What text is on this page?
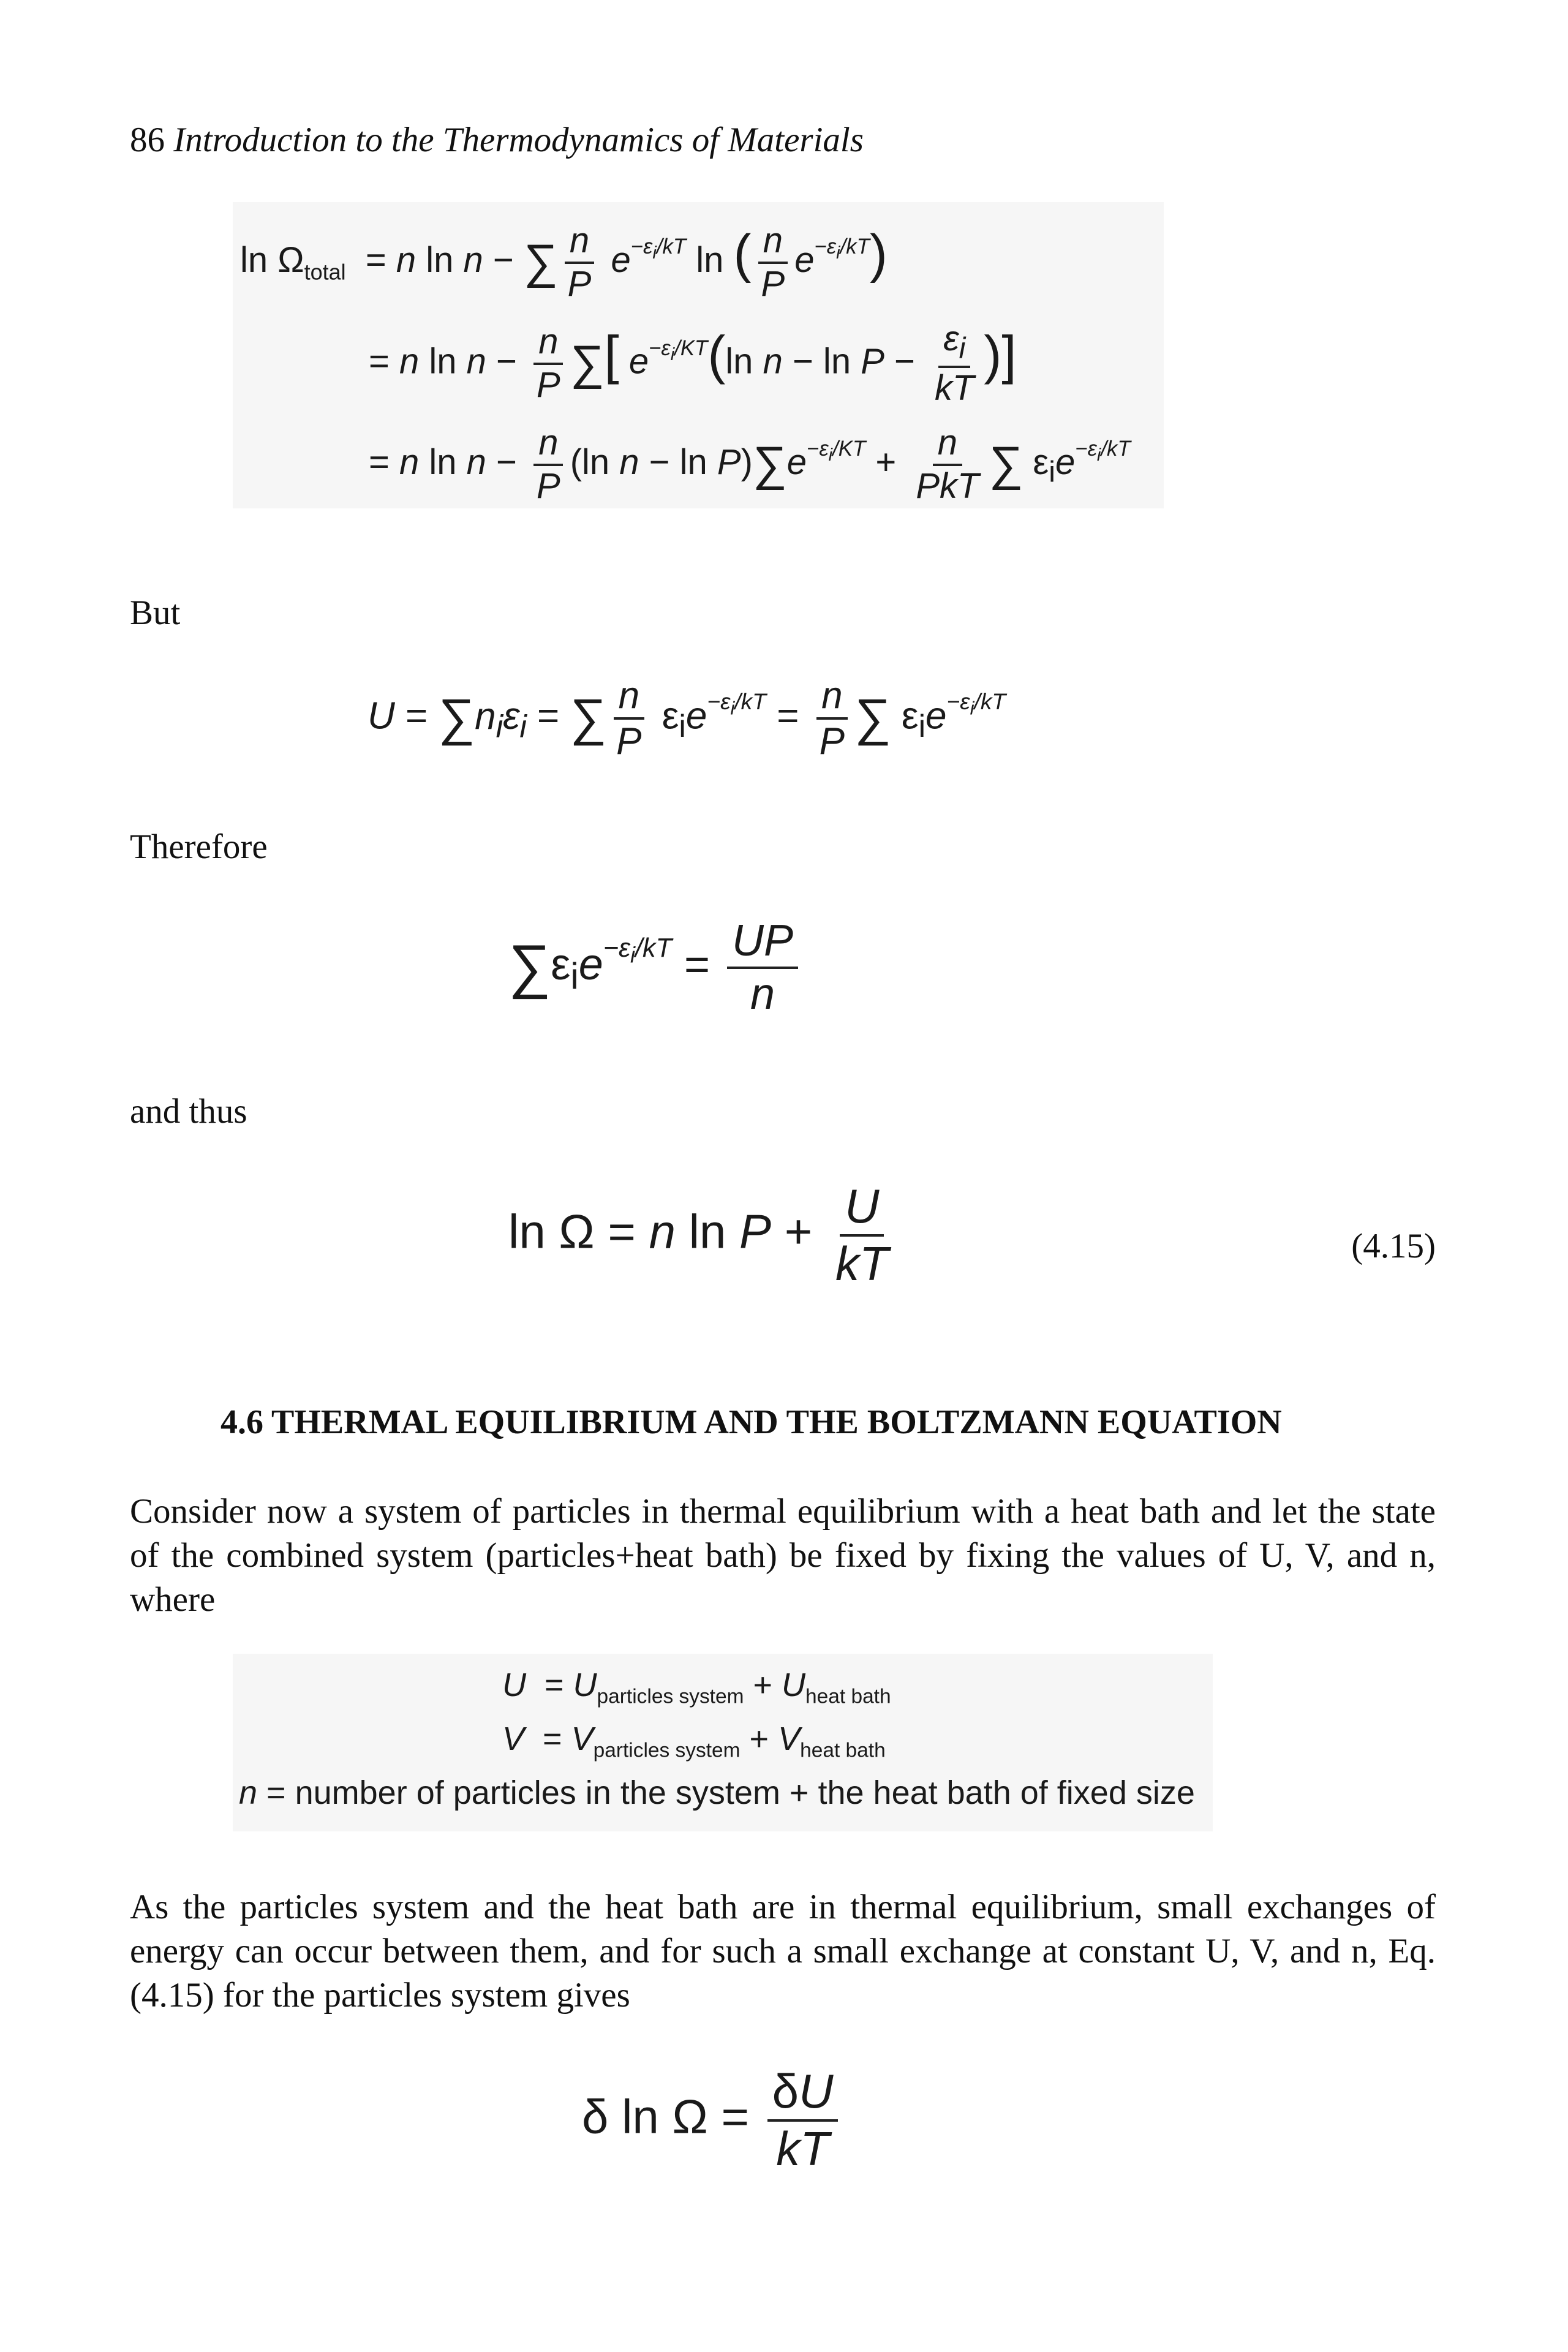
86 Introduction to the Thermodynamics of Materials
$\ln \Omega_{total} = n$ ln n − ∑ $\frac{n}{P} e^{-\varepsilon_i/kT}$ ln ( $\frac{n}{P} e^{-\varepsilon_i/kT}$)
= n $\ln n - \frac{n}{P}$ ∑[ $e^{-\varepsilon_i/KT}(\ln$ $n - \ln P - \frac{\varepsilon_i}{kT}$ )]
= n $\ln n - \frac{n}{P} (\ln$ $n - \ln P)\sum e^{-\varepsilon_i/KT} + \frac{n}{\text{PkT}}$ ∑ $\varepsilon_ie^{-\varepsilon_i/kT}$
But
$U = \sum n_i\varepsilon_i$ = ∑ $\frac{n}{P} \varepsilon_ie^{-\varepsilon_i/kT} = \frac{n}{P}$ ∑ $\varepsilon_ie^{-\varepsilon_i/kT}$
Therefore
$\sum\varepsilon_ie^{-\varepsilon_i/kT} = \frac{UP}{n}$
and thus
ln Ω = n $\ln P + \frac{U}{kT}$	(4.15)
4.6 THERMAL EQUILIBRIUM AND THE BOLTZMANN EQUATION
Consider now a system of particles in thermal equilibrium with a heat bath and let the state of the combined system (particles+heat bath) be fixed by fixing the values of U, V, and n, where
$U = U_{particles system} + U_{heat bath}$
$V = V_{particles system} + V_{heat bath}$
n = number of particles in the system + the heat bath of fixed size
As the particles system and the heat bath are in thermal equilibrium, small exchanges of energy can occur between them, and for such a small exchange at constant U, V, and n, Eq. (4.15) for the particles system gives
δ $\ln \Omega = \frac{\delta U}{kT}$
